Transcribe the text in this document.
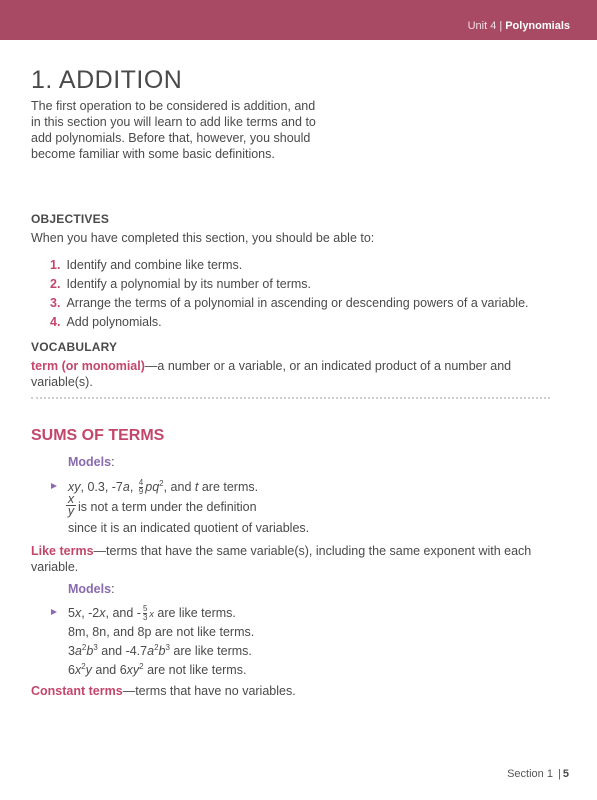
Unit 4 | Polynomials
1. ADDITION
The first operation to be considered is addition, and in this section you will learn to add like terms and to add polynomials. Before that, however, you should become familiar with some basic definitions.
OBJECTIVES
When you have completed this section, you should be able to:
1. Identify and combine like terms.
2. Identify a polynomial by its number of terms.
3. Arrange the terms of a polynomial in ascending or descending powers of a variable.
4. Add polynomials.
VOCABULARY
term (or monomial)—a number or a variable, or an indicated product of a number and variable(s).
SUMS OF TERMS
Models:
xy, 0.3, -7a, $\frac{4}{9} pq^2$, and t are terms.
$\frac{x}{y}$ is not a term under the definition
since it is an indicated quotient of variables.
Like terms—terms that have the same variable(s), including the same exponent with each variable.
Models:
5x, -2x, and - $\frac{5}{3}$ x are like terms.
8m, 8n, and 8p are not like terms.
$3a^2b^3$ and $-4.7a^2b^3$ are like terms.
$6x^2y$ and $6xy^2$ are not like terms.
Constant terms—terms that have no variables.
Section 1 | 5
